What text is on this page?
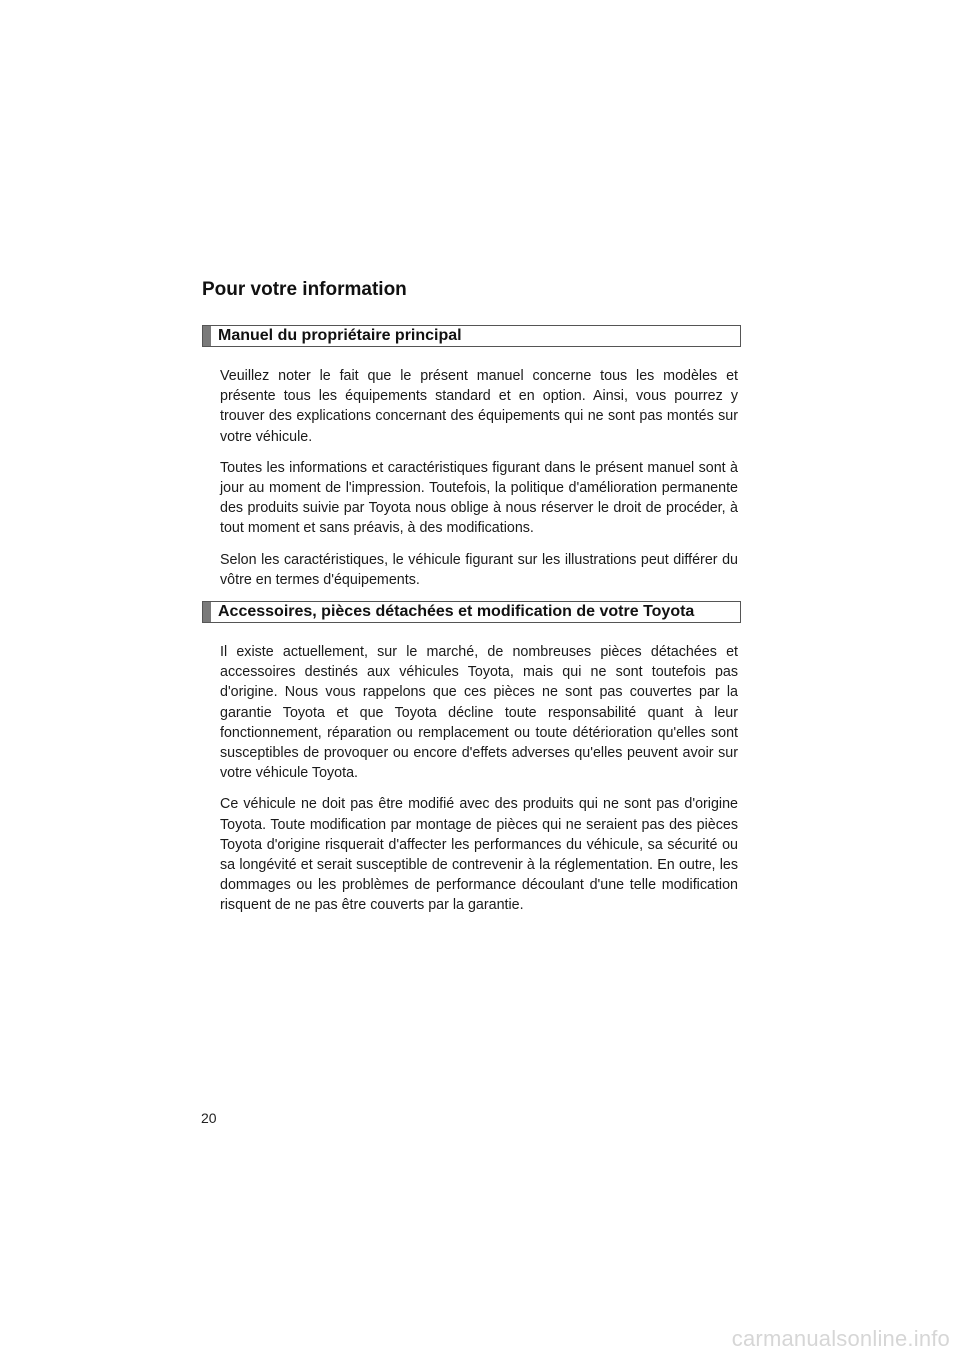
Pour votre information
Manuel du propriétaire principal

Veuillez noter le fait que le présent manuel concerne tous les modèles et présente tous les équipements standard et en option. Ainsi, vous pourrez y trouver des explications concernant des équipements qui ne sont pas montés sur votre véhicule.

Toutes les informations et caractéristiques figurant dans le présent manuel sont à jour au moment de l'impression. Toutefois, la politique d'amélioration permanente des produits suivie par Toyota nous oblige à nous réserver le droit de procéder, à tout moment et sans préavis, à des modifications.

Selon les caractéristiques, le véhicule figurant sur les illustrations peut différer du vôtre en termes d'équipements.

Accessoires, pièces détachées et modification de votre Toyota

Il existe actuellement, sur le marché, de nombreuses pièces détachées et accessoires destinés aux véhicules Toyota, mais qui ne sont toutefois pas d'origine. Nous vous rappelons que ces pièces ne sont pas couvertes par la garantie Toyota et que Toyota décline toute responsabilité quant à leur fonctionnement, réparation ou remplacement ou toute détérioration qu'elles sont susceptibles de provoquer ou encore d'effets adverses qu'elles peuvent avoir sur votre véhicule Toyota.

Ce véhicule ne doit pas être modifié avec des produits qui ne sont pas d'origine Toyota. Toute modification par montage de pièces qui ne seraient pas des pièces Toyota d'origine risquerait d'affecter les performances du véhicule, sa sécurité ou sa longévité et serait susceptible de contrevenir à la réglementation. En outre, les dommages ou les problèmes de performance découlant d'une telle modification risquent de ne pas être couverts par la garantie.

20
carmanualsonline.info
